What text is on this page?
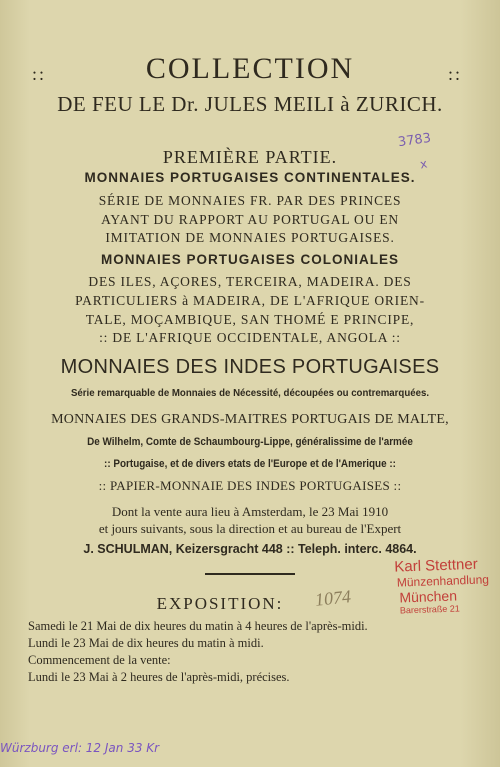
::	COLLECTION	::
DE FEU LE Dr. JULES MEILI à ZURICH.
3783
x
PREMIÈRE PARTIE.
MONNAIES PORTUGAISES CONTINENTALES.
SÉRIE DE MONNAIES FR. PAR DES PRINCES
AYANT DU RAPPORT AU PORTUGAL OU EN
IMITATION DE MONNAIES PORTUGAISES.
MONNAIES PORTUGAISES COLONIALES
DES ILES, AÇORES, TERCEIRA, MADEIRA. DES
PARTICULIERS à MADEIRA, DE L'AFRIQUE ORIEN-
TALE, MOÇAMBIQUE, SAN THOMÉ E PRINCIPE,
:: DE L'AFRIQUE OCCIDENTALE, ANGOLA ::
MONNAIES DES INDES PORTUGAISES
Série remarquable de Monnaies de Nécessité, découpées ou contremarquées.
MONNAIES DES GRANDS-MAITRES PORTUGAIS DE MALTE,
De Wilhelm, Comte de Schaumbourg-Lippe, généralissime de l'armée
:: Portugaise, et de divers etats de l'Europe et de l'Amerique ::
:: PAPIER-MONNAIE DES INDES PORTUGAISES ::
Dont la vente aura lieu à Amsterdam, le 23 Mai 1910
et jours suivants, sous la direction et au bureau de l'Expert
J. SCHULMAN, Keizersgracht 448 :: Teleph. interc. 4864.
EXPOSITION:	1074
Karl Stettner
Münzenhandlung
München
Barerstraße 21
Samedi le 21 Mai de dix heures du matin à 4 heures de l'après-midi.
Lundi le 23 Mai de dix heures du matin à midi.
Commencement de la vente:
Lundi le 23 Mai à 2 heures de l'après-midi, précises.
Würzburg erl: 12 Jan 33 Kr
